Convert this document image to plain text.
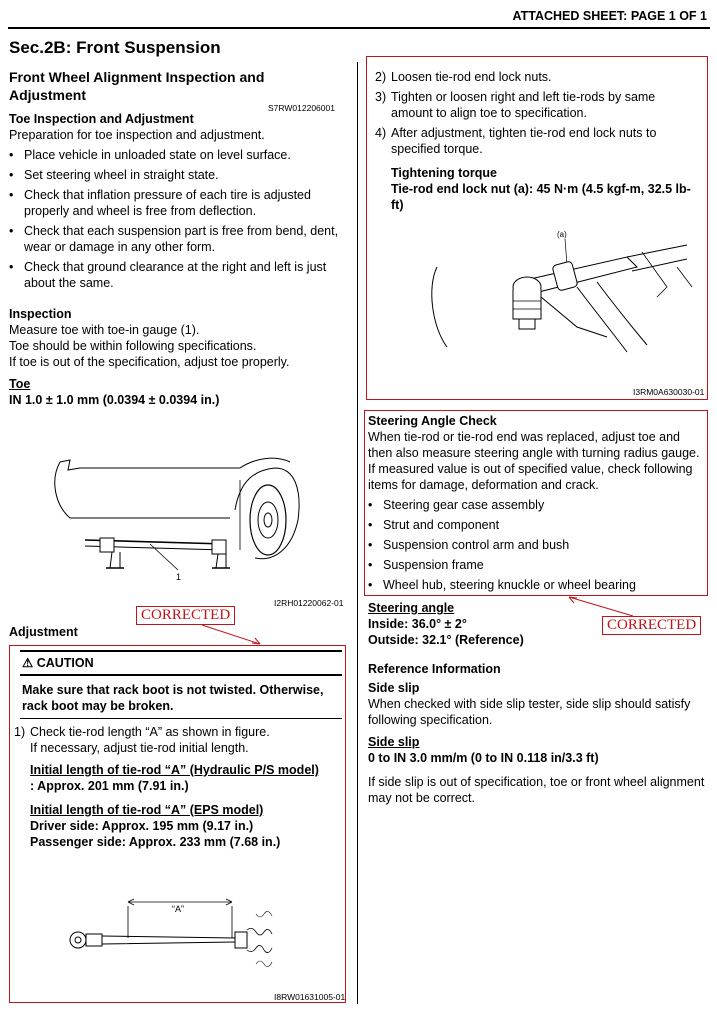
ATTACHED SHEET: PAGE 1 OF 1
Sec.2B: Front Suspension
Front Wheel Alignment Inspection and
Adjustment
S7RW012206001
Toe Inspection and Adjustment
Preparation for toe inspection and adjustment.
• Place vehicle in unloaded state on level surface.
• Set steering wheel in straight state.
• Check that inflation pressure of each tire is adjusted properly and wheel is free from deflection.
• Check that each suspension part is free from bend, dent, wear or damage in any other form.
• Check that ground clearance at the right and left is just about the same.
Inspection
Measure toe with toe-in gauge (1).
Toe should be within following specifications.
If toe is out of the specification, adjust toe properly.
Toe
IN 1.0 ± 1.0 mm (0.0394 ± 0.0394 in.)
1
I2RH01220062-01
CORRECTED
Adjustment
⚠ CAUTION
Make sure that rack boot is not twisted. Otherwise, rack boot may be broken.
1) Check tie-rod length “A” as shown in figure.
If necessary, adjust tie-rod initial length.
Initial length of tie-rod “A” (Hydraulic P/S model)
: Approx. 201 mm (7.91 in.)
Initial length of tie-rod “A” (EPS model)
Driver side: Approx. 195 mm (9.17 in.)
Passenger side: Approx. 233 mm (7.68 in.)
“A”
I8RW01631005-01
2) Loosen tie-rod end lock nuts.
3) Tighten or loosen right and left tie-rods by same amount to align toe to specification.
4) After adjustment, tighten tie-rod end lock nuts to specified torque.
Tightening torque
Tie-rod end lock nut (a): 45 N·m (4.5 kgf-m, 32.5 lb-ft)
(a)
I3RM0A630030-01
Steering Angle Check
When tie-rod or tie-rod end was replaced, adjust toe and then also measure steering angle with turning radius gauge. If measured value is out of specified value, check following items for damage, deformation and crack.
• Steering gear case assembly
• Strut and component
• Suspension control arm and bush
• Suspension frame
• Wheel hub, steering knuckle or wheel bearing
Steering angle
Inside: 36.0° ± 2°
Outside: 32.1° (Reference)
CORRECTED
Reference Information
Side slip
When checked with side slip tester, side slip should satisfy following specification.
Side slip
0 to IN 3.0 mm/m (0 to IN 0.118 in/3.3 ft)
If side slip is out of specification, toe or front wheel alignment may not be correct.
